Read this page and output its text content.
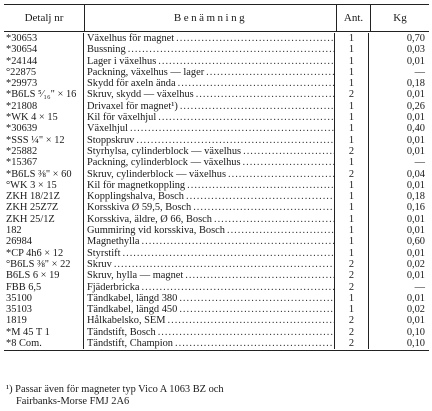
Detalj nr	Benämning	Ant.	Kg
*30653	Växelhus för magnet .....	1	0,70
*30654	Bussning .....	1	0,03
*24144	Lager i växelhus .....	1	0,01
°22875	Packning, växelhus — lager .....	1	—
*29973	Skydd för axeln ända .....	1	0,18
*B6LS ⁵⁄₁₆" × 16	Skruv, skydd — växelhus .....	2	0,01
*21808	Drivaxel för magnet¹) .....	1	0,26
*WK 4 × 15	Kil för växelhjul .....	1	0,01
*30639	Växelhjul .....	1	0,40
*SSS ¼" × 12	Stoppskruv .....	1	0,01
*25882	Styrhylsa, cylinderblock — växelhus .....	2	0,01
*15367	Packning, cylinderblock — växelhus .....	1	—
*B6LS ⅜" × 60	Skruv, cylinderblock — växelhus .....	2	0,04
°WK 3 × 15	Kil för magnetkoppling .....	1	0,01
ZKH 18/21Z	Kopplingshalva, Bosch .....	1	0,18
ZKH 25Z7Z	Korsskiva Ø 59,5, Bosch .....	1	0,16
ZKH 25/1Z	Korsskiva, äldre, Ø 66, Bosch .....	1	0,01
182	Gummiring vid korsskiva, Bosch .....	1	0,01
26984	Magnethylla .....	1	0,60
*CP 4h6 × 12	Styrstift .....	1	0,01
°B6LS ⅜" × 22	Skruv .....	2	0,02
B6LS 6 × 19	Skruv, hylla — magnet .....	2	0,01
FBB 6,5	Fjäderbricka .....	2	—
35100	Tändkabel, längd 380 .....	1	0,01
35103	Tändkabel, längd 450 .....	1	0,02
1819	Hålkabelsko, SEM .....	2	0,01
*M 45 T 1	Tändstift, Bosch .....	2	0,10
*8 Com.	Tändstift, Champion .....	2	0,10
¹) Passar även för magneter typ Vico A 1063 BZ och
Fairbanks-Morse FMJ 2A6
